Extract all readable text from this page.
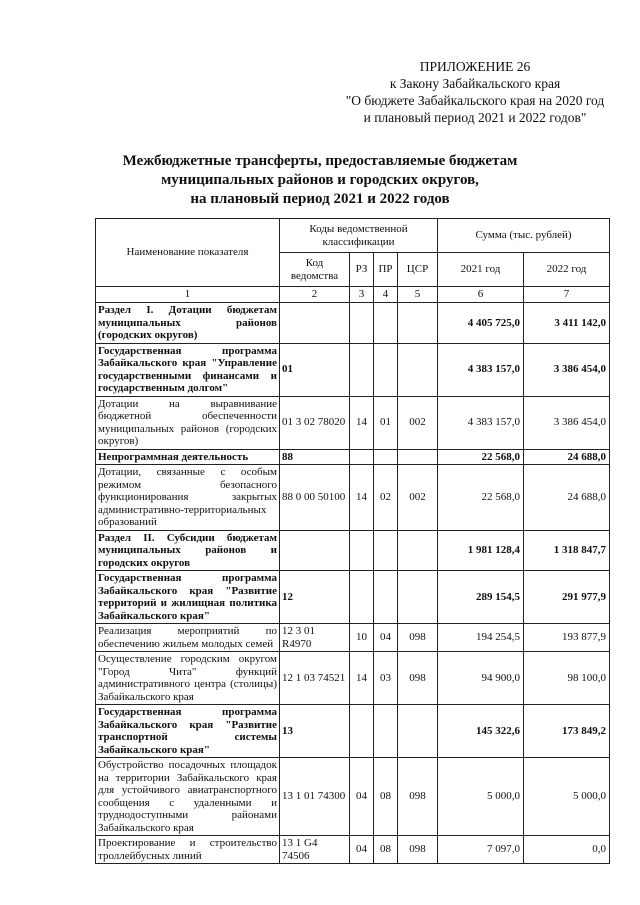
ПРИЛОЖЕНИЕ 26
к Закону Забайкальского края
"О бюджете Забайкальского края на 2020 год
и плановый период 2021 и 2022 годов"
Межбюджетные трансферты, предоставляемые бюджетам
муниципальных районов и городских округов,
на плановый период 2021 и 2022 годов
Наименование показателя	Коды ведомственной классификации				Сумма (тыс. рублей)	
	Код ведомства	РЗ	ПР	ЦСР	2021 год	2022 год
1	2	3	4	5	6	7
Раздел I. Дотации бюджетам муниципальных районов (городских округов)					4 405 725,0	3 411 142,0
Государственная программа Забайкальского края "Управление государственными финансами и государственным долгом"	01				4 383 157,0	3 386 454,0
Дотации на выравнивание бюджетной обеспеченности муниципальных районов (городских округов)	01 3 02 78020	14	01	002	4 383 157,0	3 386 454,0
Непрограммная деятельность	88				22 568,0	24 688,0
Дотации, связанные с особым режимом безопасного функционирования закрытых административно-территориальных образований	88 0 00 50100	14	02	002	22 568,0	24 688,0
Раздел II. Субсидии бюджетам муниципальных районов и городских округов					1 981 128,4	1 318 847,7
Государственная программа Забайкальского края "Развитие территорий и жилищная политика Забайкальского края"	12				289 154,5	291 977,9
Реализация мероприятий по обеспечению жильем молодых семей	12 3 01 R4970	10	04	098	194 254,5	193 877,9
Осуществление городским округом "Город Чита" функций административного центра (столицы) Забайкальского края	12 1 03 74521	14	03	098	94 900,0	98 100,0
Государственная программа Забайкальского края "Развитие транспортной системы Забайкальского края"	13				145 322,6	173 849,2
Обустройство посадочных площадок на территории Забайкальского края для устойчивого авиатранспортного сообщения с удаленными и труднодоступными районами Забайкальского края	13 1 01 74300	04	08	098	5 000,0	5 000,0
Проектирование и строительство троллейбусных линий	13 1 G4 74506	04	08	098	7 097,0	0,0
